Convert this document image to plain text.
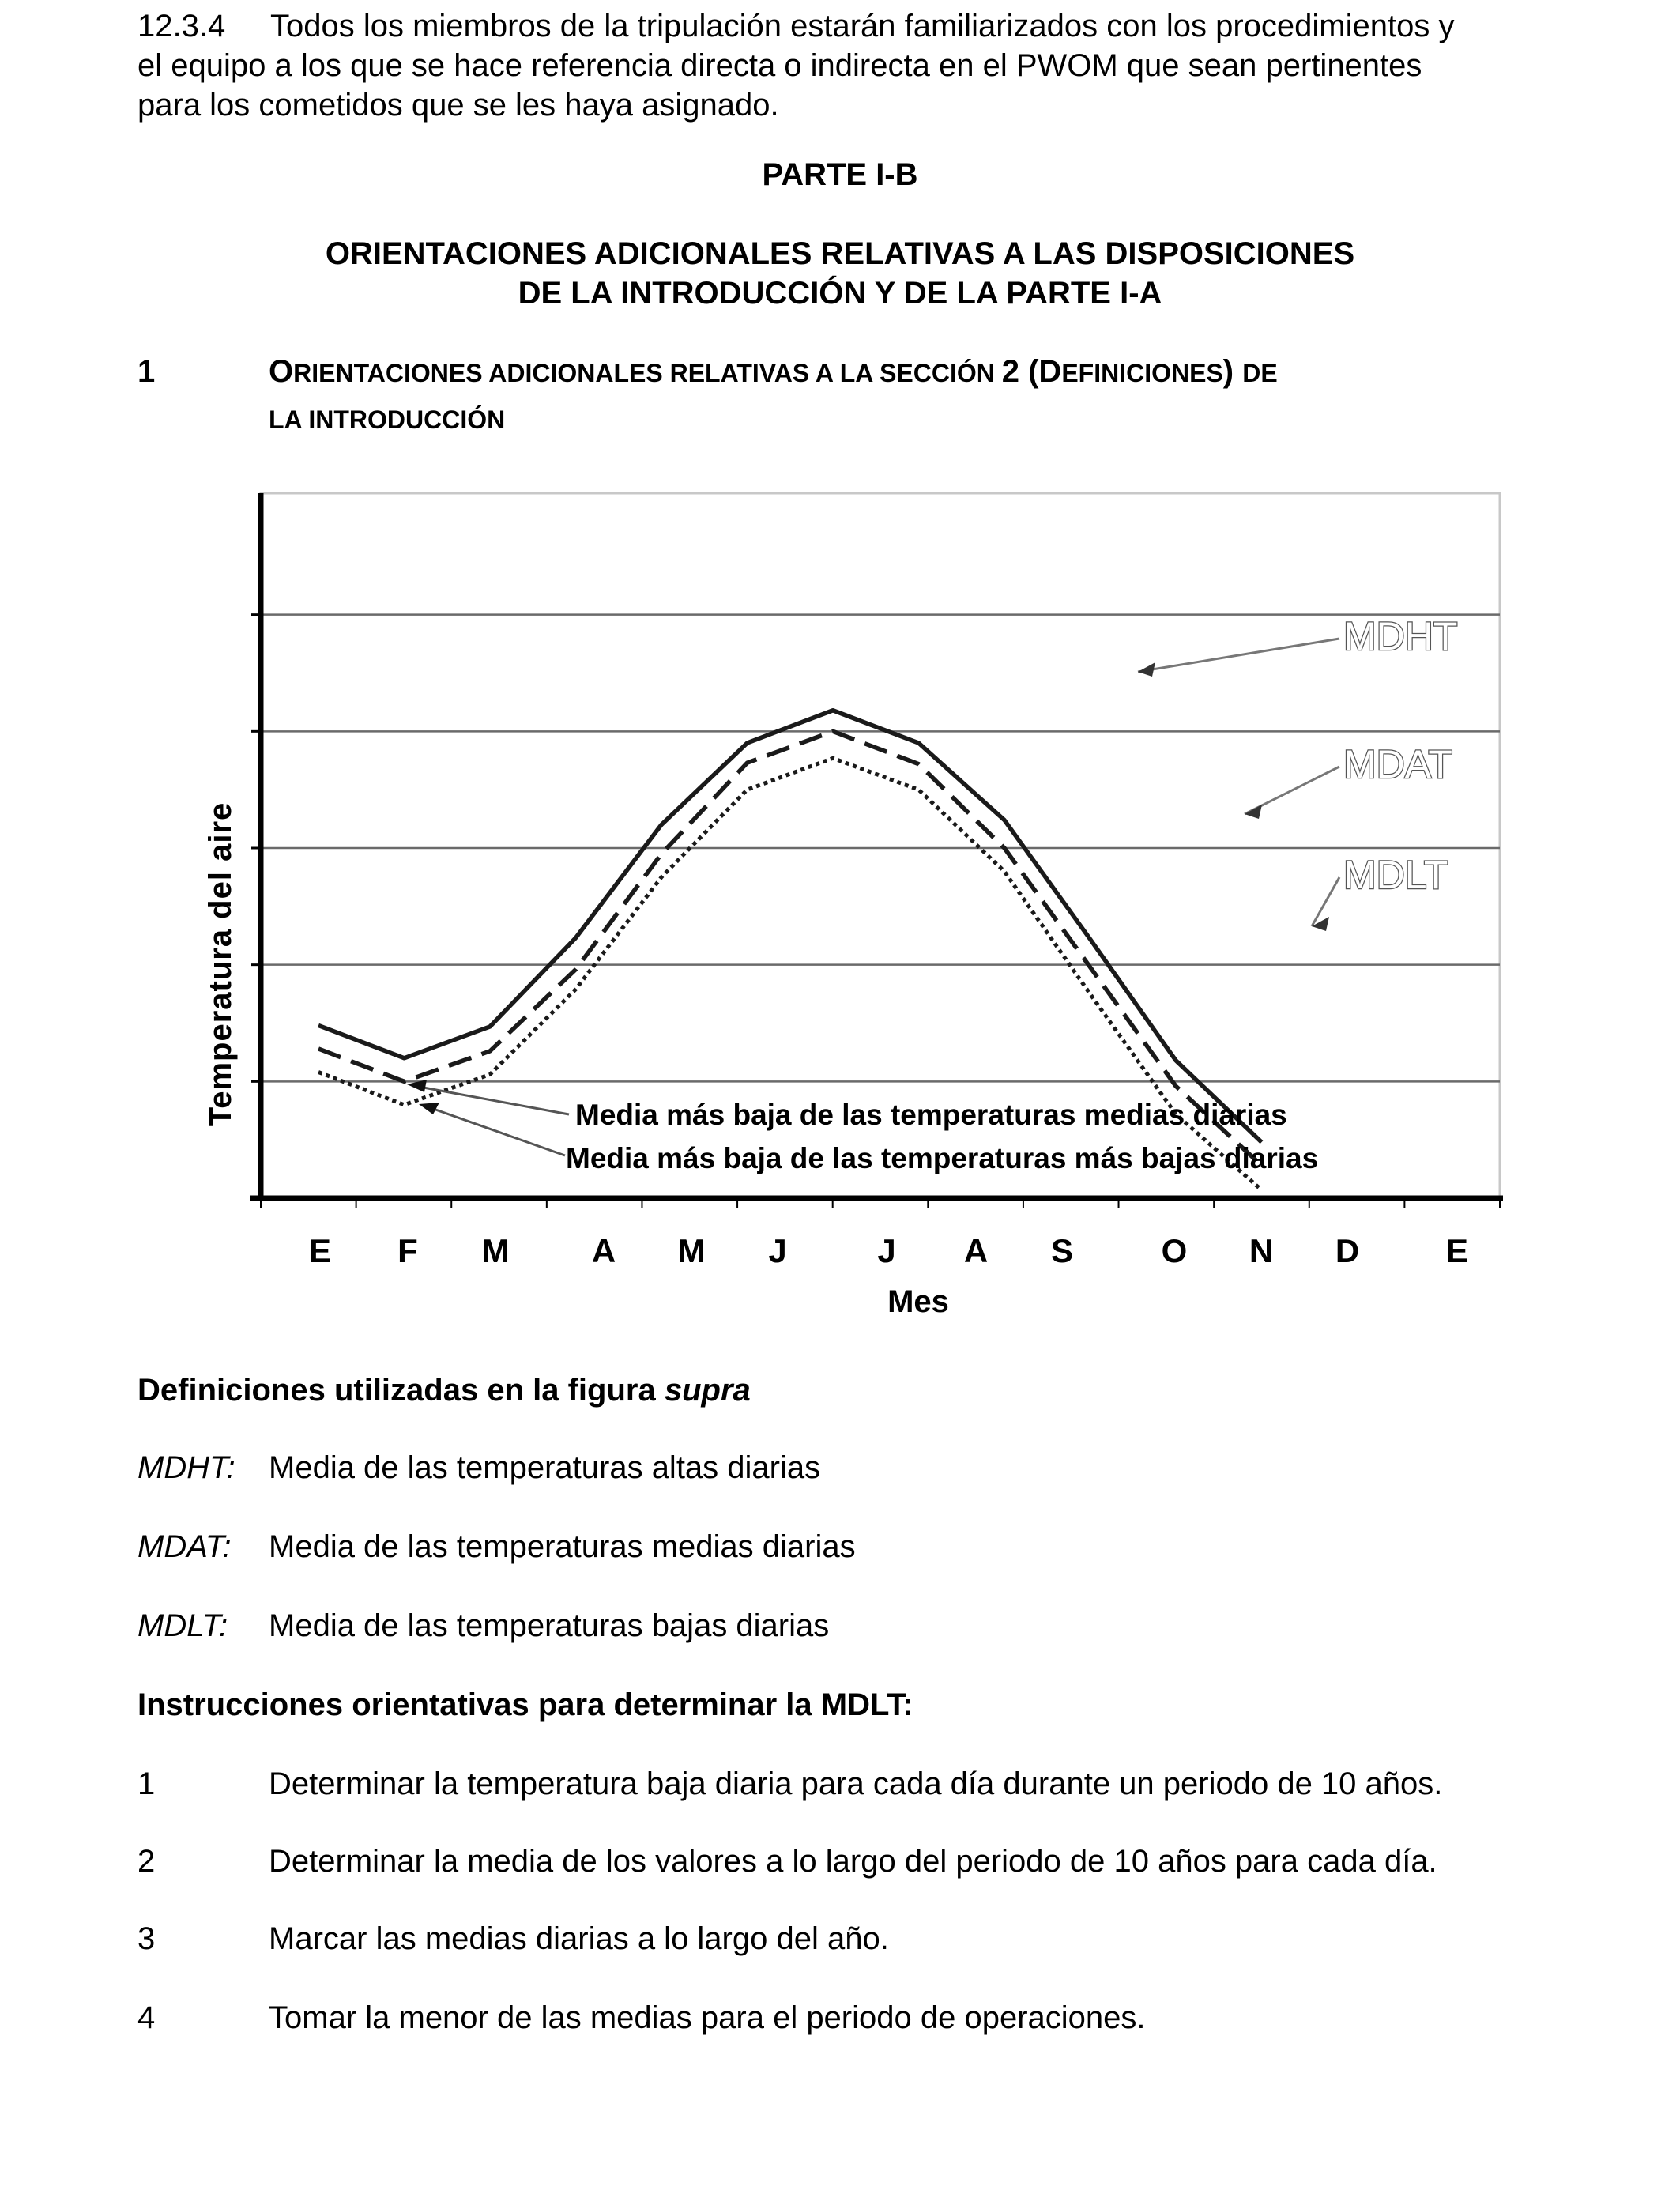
12.3.4 Todos los miembros de la tripulación estarán familiarizados con los procedimientos y
el equipo a los que se hace referencia directa o indirecta en el PWOM que sean pertinentes
para los cometidos que se les haya asignado.
PARTE I-B
ORIENTACIONES ADICIONALES RELATIVAS A LAS DISPOSICIONES
DE LA INTRODUCCIÓN Y DE LA PARTE I-A
1	ORIENTACIONES ADICIONALES RELATIVAS A LA SECCIÓN 2 (DEFINICIONES) DE
LA INTRODUCCIÓN
E F M A M J	J A S	O N D	E
MDHT
MDAT
MDLT
Media más baja de las temperaturas medias diarias
Media más baja de las temperaturas más bajas diarias
Temperatura del aire
Mes
Definiciones utilizadas en la figura supra
MDHT: Media de las temperaturas altas diarias
MDAT: Media de las temperaturas medias diarias
MDLT: Media de las temperaturas bajas diarias
Instrucciones orientativas para determinar la MDLT:
1	Determinar la temperatura baja diaria para cada día durante un periodo de 10 años.
2	Determinar la media de los valores a lo largo del periodo de 10 años para cada día.
3	Marcar las medias diarias a lo largo del año.
4	Tomar la menor de las medias para el periodo de operaciones.
